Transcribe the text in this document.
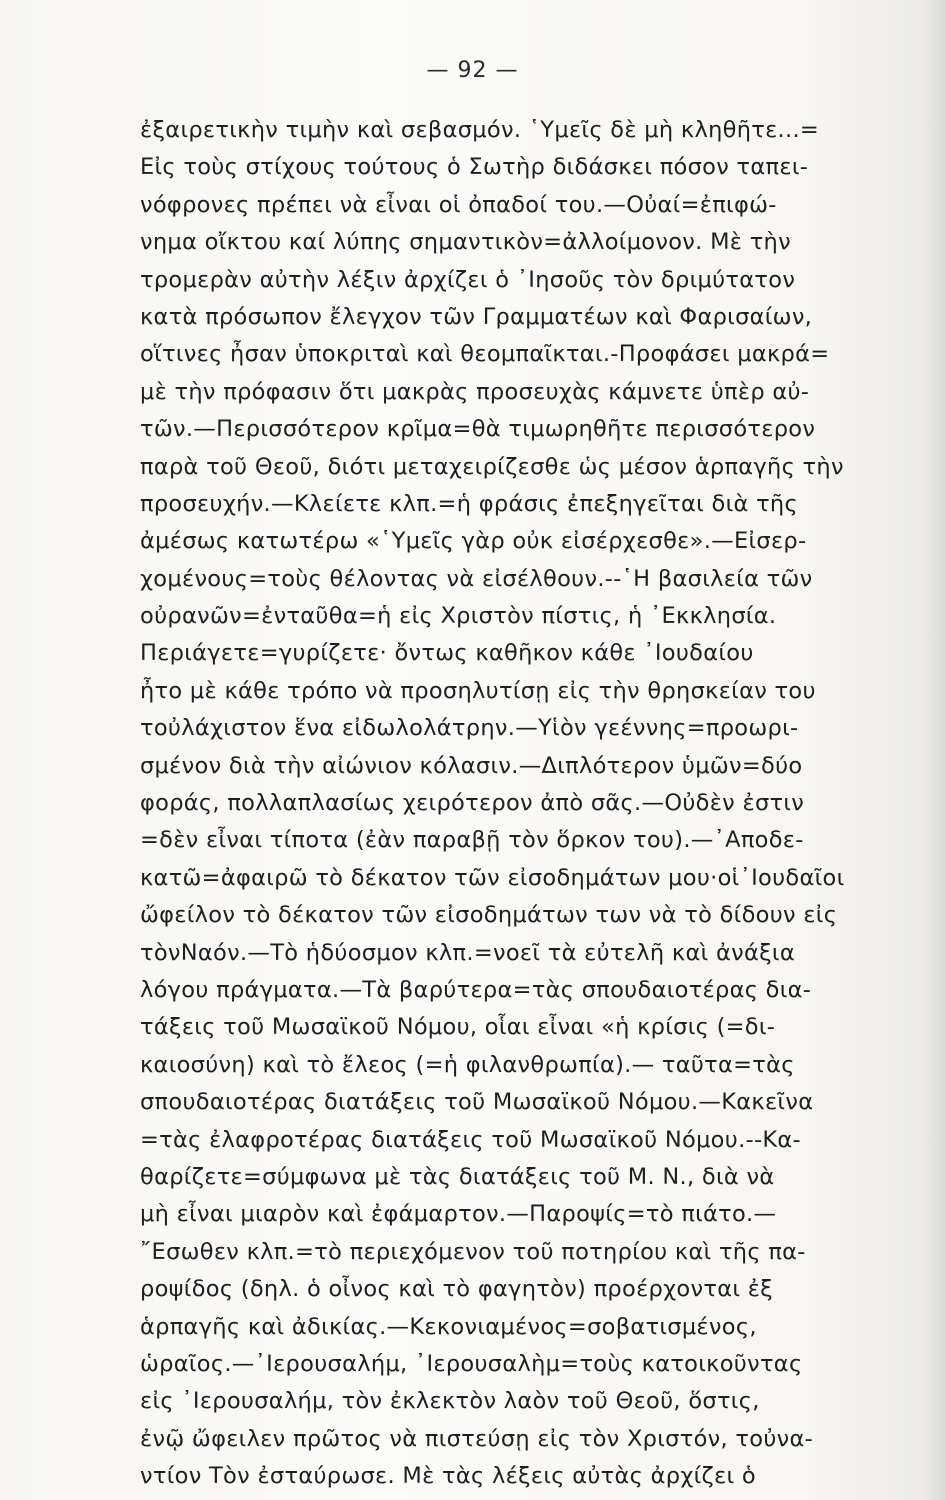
— 92 —
ἐξαιρετικὴν τιμὴν καὶ σεβασμόν. ῾Υμεῖς δὲ μὴ κληθῆτε...=
Εἰς τοὺς στίχους τούτους ὁ Σωτὴρ διδάσκει πόσον ταπει-
νόφρονες πρέπει νὰ εἶναι οἱ ὀπαδοί του.—Οὐαί=ἐπιφώ-
νημα οἴκτου καί λύπης σημαντικὸν=ἀλλοίμονον. Μὲ τὴν
τρομερὰν αὐτὴν λέξιν ἀρχίζει ὁ ᾿Ιησοῦς τὸν δριμύτατον
κατὰ πρόσωπον ἔλεγχον τῶν Γραμματέων καὶ Φαρισαίων,
οἵτινες ἦσαν ὑποκριταὶ καὶ θεομπαῖκται.-Προφάσει μακρά=
μὲ τὴν πρόφασιν ὅτι μακρὰς προσευχὰς κάμνετε ὑπὲρ αὐ-
τῶν.—Περισσότερον κρῖμα=θὰ τιμωρηθῆτε περισσότερον
παρὰ τοῦ Θεοῦ, διότι μεταχειρίζεσθε ὡς μέσον ἁρπαγῆς τὴν
προσευχήν.—Κλείετε κλπ.=ἡ φράσις ἐπεξηγεῖται διὰ τῆς
ἀμέσως κατωτέρω «῾Υμεῖς γὰρ οὐκ εἰσέρχεσθε».—Εἰσερ-
χομένους=τοὺς θέλοντας νὰ εἰσέλθουν.--῾Η βασιλεία τῶν
οὐρανῶν=ἐνταῦθα=ἡ εἰς Χριστὸν πίστις, ἡ ᾿Εκκλησία.
Περιάγετε=γυρίζετε· ὄντως καθῆκον κάθε ᾿Ιουδαίου
ἦτο μὲ κάθε τρόπο νὰ προσηλυτίσῃ εἰς τὴν θρησκείαν του
τοὐλάχιστον ἕνα εἰδωλολάτρην.—Υἱὸν γεέννης=προωρι-
σμένον διὰ τὴν αἰώνιον κόλασιν.—Διπλότερον ὑμῶν=δύο
φοράς, πολλαπλασίως χειρότερον ἀπὸ σᾶς.—Οὐδὲν ἐστιν
=δὲν εἶναι τίποτα (ἐὰν παραβῇ τὸν ὅρκον του).—᾿Αποδε-
κατῶ=ἀφαιρῶ τὸ δέκατον τῶν εἰσοδημάτων μου·οἱ᾿Ιουδαῖοι
ὤφείλον τὸ δέκατον τῶν εἰσοδημάτων των νὰ τὸ δίδουν εἰς
τὸνΝαόν.—Τὸ ἡδύοσμον κλπ.=νοεῖ τὰ εὐτελῆ καὶ ἀνάξια
λόγου πράγματα.—Τὰ βαρύτερα=τὰς σπουδαιοτέρας δια-
τάξεις τοῦ Μωσαϊκοῦ Νόμου, οἷαι εἶναι «ἡ κρίσις (=δι-
καιοσύνη) καὶ τὸ ἔλεος (=ἡ φιλανθρωπία).— ταῦτα=τὰς
σπουδαιοτέρας διατάξεις τοῦ Μωσαϊκοῦ Νόμου.—Κακεῖνα
=τὰς ἐλαφροτέρας διατάξεις τοῦ Μωσαϊκοῦ Νόμου.--Κα-
θαρίζετε=σύμφωνα μὲ τὰς διατάξεις τοῦ Μ. Ν., διὰ νὰ
μὴ εἶναι μιαρὸν καὶ ἐφάμαρτον.—Παροψίς=τὸ πιάτο.—
῎Εσωθεν κλπ.=τὸ περιεχόμενον τοῦ ποτηρίου καὶ τῆς πα-
ροψίδος (δηλ. ὁ οἶνος καὶ τὸ φαγητὸν) προέρχονται ἐξ
ἁρπαγῆς καὶ ἀδικίας.—Κεκονιαμένος=σοβατισμένος,
ὡραῖος.—᾿Ιερουσαλήμ, ᾿Ιερουσαλὴμ=τοὺς κατοικοῦντας
εἰς ᾿Ιερουσαλήμ, τὸν ἐκλεκτὸν λαὸν τοῦ Θεοῦ, ὅστις,
ἐνῷ ὤφειλεν πρῶτος νὰ πιστεύσῃ εἰς τὸν Χριστόν, τοὐνα-
ντίον Τὸν ἐσταύρωσε. Μὲ τὰς λέξεις αὐτὰς ἀρχίζει ὁ
